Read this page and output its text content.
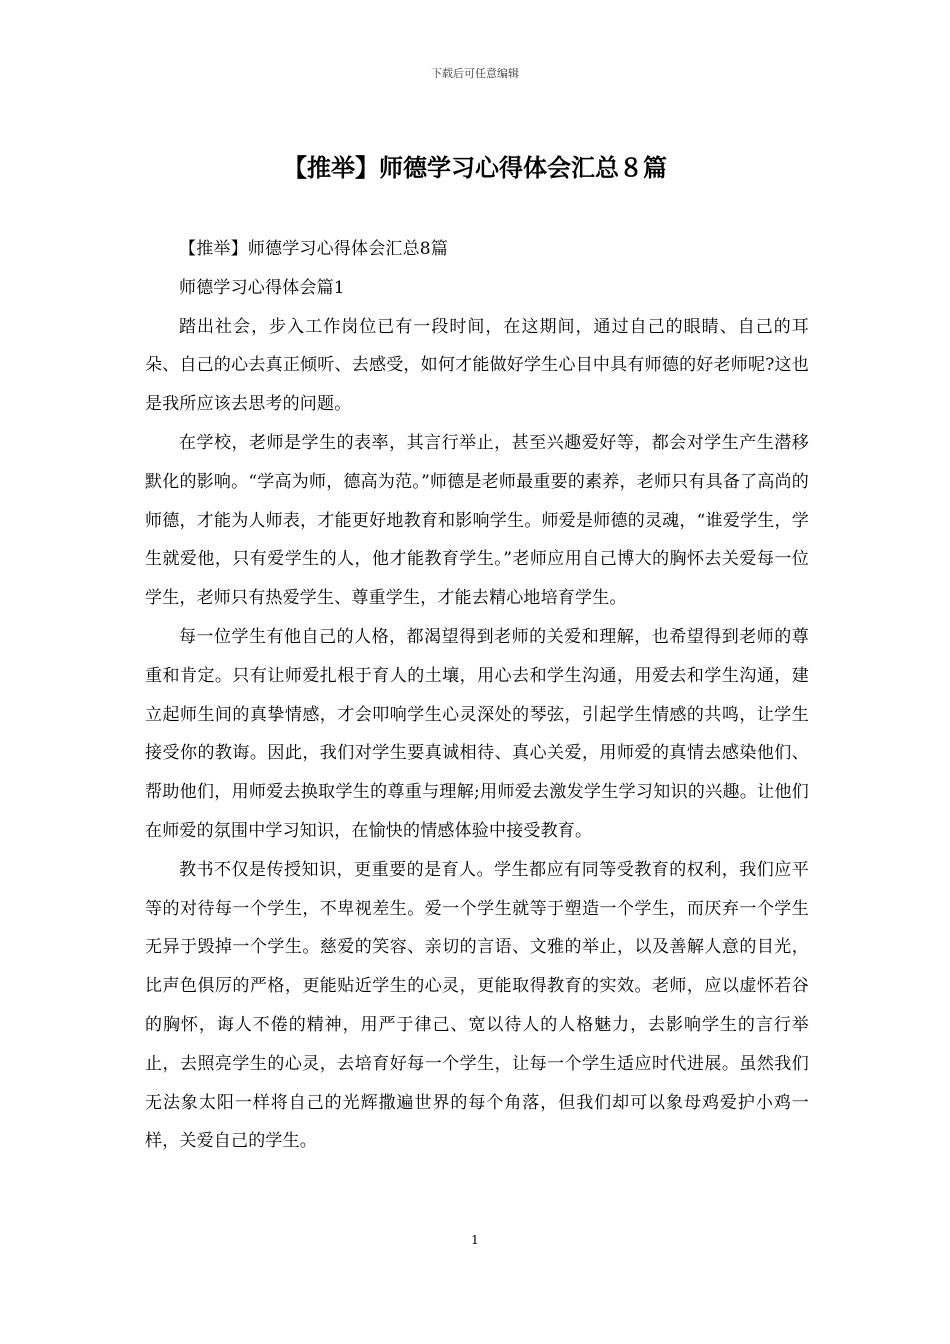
下载后可任意编辑
【推举】师德学习心得体会汇总８篇

【推举】师德学习心得体会汇总8篇

师德学习心得体会篇1

踏出社会，步入工作岗位已有一段时间，在这期间，通过自己的眼睛、自己的耳朵、自己的心去真正倾听、去感受，如何才能做好学生心目中具有师德的好老师呢?这也是我所应该去思考的问题。

在学校，老师是学生的表率，其言行举止，甚至兴趣爱好等，都会对学生产生潜移默化的影响。“学高为师，德高为范。”师德是老师最重要的素养，老师只有具备了高尚的师德，才能为人师表，才能更好地教育和影响学生。师爱是师德的灵魂，“谁爱学生，学生就爱他，只有爱学生的人，他才能教育学生。”老师应用自己博大的胸怀去关爱每一位学生，老师只有热爱学生、尊重学生，才能去精心地培育学生。

每一位学生有他自己的人格，都渴望得到老师的关爱和理解，也希望得到老师的尊重和肯定。只有让师爱扎根于育人的土壤，用心去和学生沟通，用爱去和学生沟通，建立起师生间的真挚情感，才会叩响学生心灵深处的琴弦，引起学生情感的共鸣，让学生接受你的教诲。因此，我们对学生要真诚相待、真心关爱，用师爱的真情去感染他们、帮助他们，用师爱去换取学生的尊重与理解;用师爱去激发学生学习知识的兴趣。让他们在师爱的氛围中学习知识，在愉快的情感体验中接受教育。

教书不仅是传授知识，更重要的是育人。学生都应有同等受教育的权利，我们应平等的对待每一个学生，不卑视差生。爱一个学生就等于塑造一个学生，而厌弃一个学生无异于毁掉一个学生。慈爱的笑容、亲切的言语、文雅的举止，以及善解人意的目光，比声色俱厉的严格，更能贴近学生的心灵，更能取得教育的实效。老师，应以虚怀若谷的胸怀，诲人不倦的精神，用严于律己、宽以待人的人格魅力，去影响学生的言行举止，去照亮学生的心灵，去培育好每一个学生，让每一个学生适应时代进展。虽然我们无法象太阳一样将自己的光辉撒遍世界的每个角落，但我们却可以象母鸡爱护小鸡一样，关爱自己的学生。

1
